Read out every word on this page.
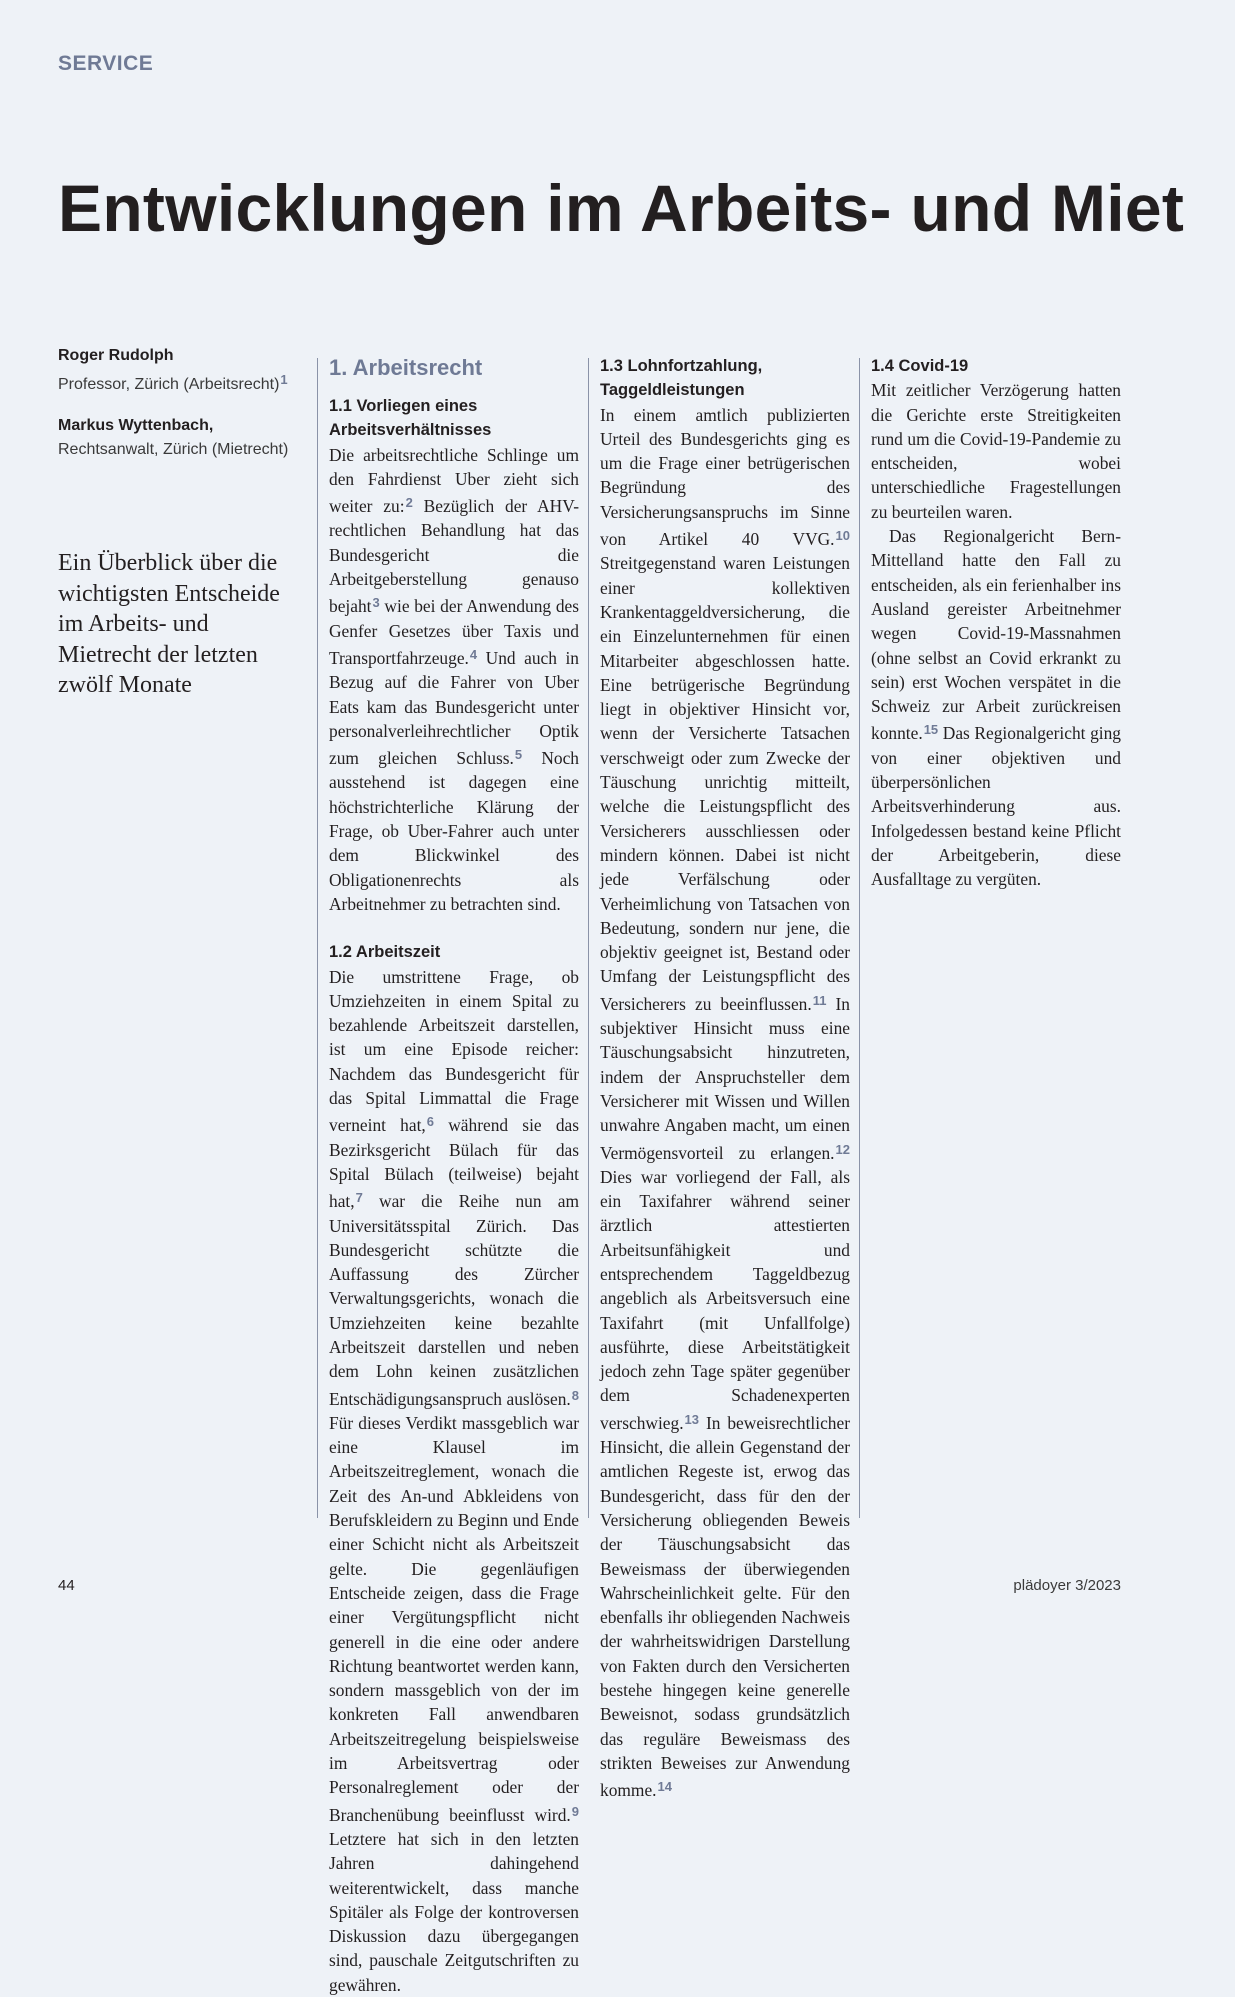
SERVICE
Entwicklungen im Arbeits- und Miet
Roger Rudolph
Professor, Zürich (Arbeitsrecht)$^1$
Markus Wyttenbach,
Rechtsanwalt, Zürich (Mietrecht)
Ein Überblick über die wichtigsten Entscheide im Arbeits- und Mietrecht der letzten zwölf Monate
1. Arbeitsrecht
1.1 Vorliegen eines Arbeitsverhältnisses

Die arbeitsrechtliche Schlinge um den Fahrdienst Uber zieht sich weiter zu:$^2$ Bezüglich der AHV-rechtlichen Behandlung hat das Bundesgericht die Arbeitgeberstellung genauso bejaht$^3$ wie bei der Anwendung des Genfer Gesetzes über Taxis und Transportfahrzeuge.$^4$ Und auch in Bezug auf die Fahrer von Uber Eats kam das Bundesgericht unter personalverleihrechtlicher Optik zum gleichen Schluss.$^5$ Noch ausstehend ist dagegen eine höchstrichterliche Klärung der Frage, ob Uber-Fahrer auch unter dem Blickwinkel des Obligationenrechts als Arbeitnehmer zu betrachten sind.

1.2 Arbeitszeit

Die umstrittene Frage, ob Umziehzeiten in einem Spital zu bezahlende Arbeitszeit darstellen, ist um eine Episode reicher: Nachdem das Bundesgericht für das Spital Limmattal die Frage verneint hat,$^6$ während sie das Bezirksgericht Bülach für das Spital Bülach (teilweise) bejaht hat,$^7$ war die Reihe nun am Universitätsspital Zürich. Das Bundesgericht schützte die Auffassung des Zürcher Verwaltungsgerichts, wonach die Umziehzeiten keine bezahlte Arbeitszeit darstellen und neben dem Lohn keinen zusätzlichen Entschädigungsanspruch auslösen.$^8$ Für dieses Verdikt massgeblich war eine Klausel im Arbeitszeitreglement, wonach die Zeit des An-und Abkleidens von Berufskleidern zu Beginn und Ende einer Schicht nicht als Arbeitszeit gelte. Die gegenläufigen Entscheide zeigen, dass die Frage einer Vergütungspflicht nicht generell in die eine oder andere Richtung beantwortet werden kann, sondern massgeblich von der im konkreten Fall anwendbaren Arbeitszeitregelung beispielsweise im Arbeitsvertrag oder Personalreglement oder der Branchenübung beeinflusst wird.$^9$ Letztere hat sich in den letzten Jahren dahingehend weiterentwickelt, dass manche Spitäler als Folge der kontroversen Diskussion dazu übergegangen sind, pauschale Zeitgutschriften zu gewähren.

1.3 Lohnfortzahlung, Taggeldleistungen

In einem amtlich publizierten Urteil des Bundesgerichts ging es um die Frage einer betrügerischen Begründung des Versicherungsanspruchs im Sinne von Artikel 40 VVG.$^{10}$ Streitgegenstand waren Leistungen einer kollektiven Krankentaggeldversicherung, die ein Einzelunternehmen für einen Mitarbeiter abgeschlossen hatte. Eine betrügerische Begründung liegt in objektiver Hinsicht vor, wenn der Versicherte Tatsachen verschweigt oder zum Zwecke der Täuschung unrichtig mitteilt, welche die Leistungspflicht des Versicherers ausschliessen oder mindern können. Dabei ist nicht jede Verfälschung oder Verheimlichung von Tatsachen von Bedeutung, sondern nur jene, die objektiv geeignet ist, Bestand oder Umfang der Leistungspflicht des Versicherers zu beeinflussen.$^{11}$ In subjektiver Hinsicht muss eine Täuschungsabsicht hinzutreten, indem der Anspruchsteller dem Versicherer mit Wissen und Willen unwahre Angaben macht, um einen Vermögensvorteil zu erlangen.$^{12}$ Dies war vorliegend der Fall, als ein Taxifahrer während seiner ärztlich attestierten Arbeitsunfähigkeit und entsprechendem Taggeldbezug angeblich als Arbeitsversuch eine Taxifahrt (mit Unfallfolge) ausführte, diese Arbeitstätigkeit jedoch zehn Tage später gegenüber dem Schadenexperten verschwieg.$^{13}$ In beweisrechtlicher Hinsicht, die allein Gegenstand der amtlichen Regeste ist, erwog das Bundesgericht, dass für den der Versicherung obliegenden Beweis der Täuschungsabsicht das Beweismass der überwiegenden Wahrscheinlichkeit gelte. Für den ebenfalls ihr obliegenden Nachweis der wahrheitswidrigen Darstellung von Fakten durch den Versicherten bestehe hingegen keine generelle Beweisnot, sodass grundsätzlich das reguläre Beweismass des strikten Beweises zur Anwendung komme.$^{14}$

1.4 Covid-19

Mit zeitlicher Verzögerung hatten die Gerichte erste Streitigkeiten rund um die Covid-19-Pandemie zu entscheiden, wobei unterschiedliche Fragestellungen zu beurteilen waren.

Das Regionalgericht Bern-Mittelland hatte den Fall zu entscheiden, als ein ferienhalber ins Ausland gereister Arbeitnehmer wegen Covid-19-Massnahmen (ohne selbst an Covid erkrankt zu sein) erst Wochen verspätet in die Schweiz zur Arbeit zurückreisen konnte.$^{15}$ Das Regionalgericht ging von einer objektiven und überpersönlichen Arbeitsverhinderung aus. Infolgedessen bestand keine Pflicht der Arbeitgeberin, diese Ausfalltage zu vergüten.

44	plädoyer 3/2023
